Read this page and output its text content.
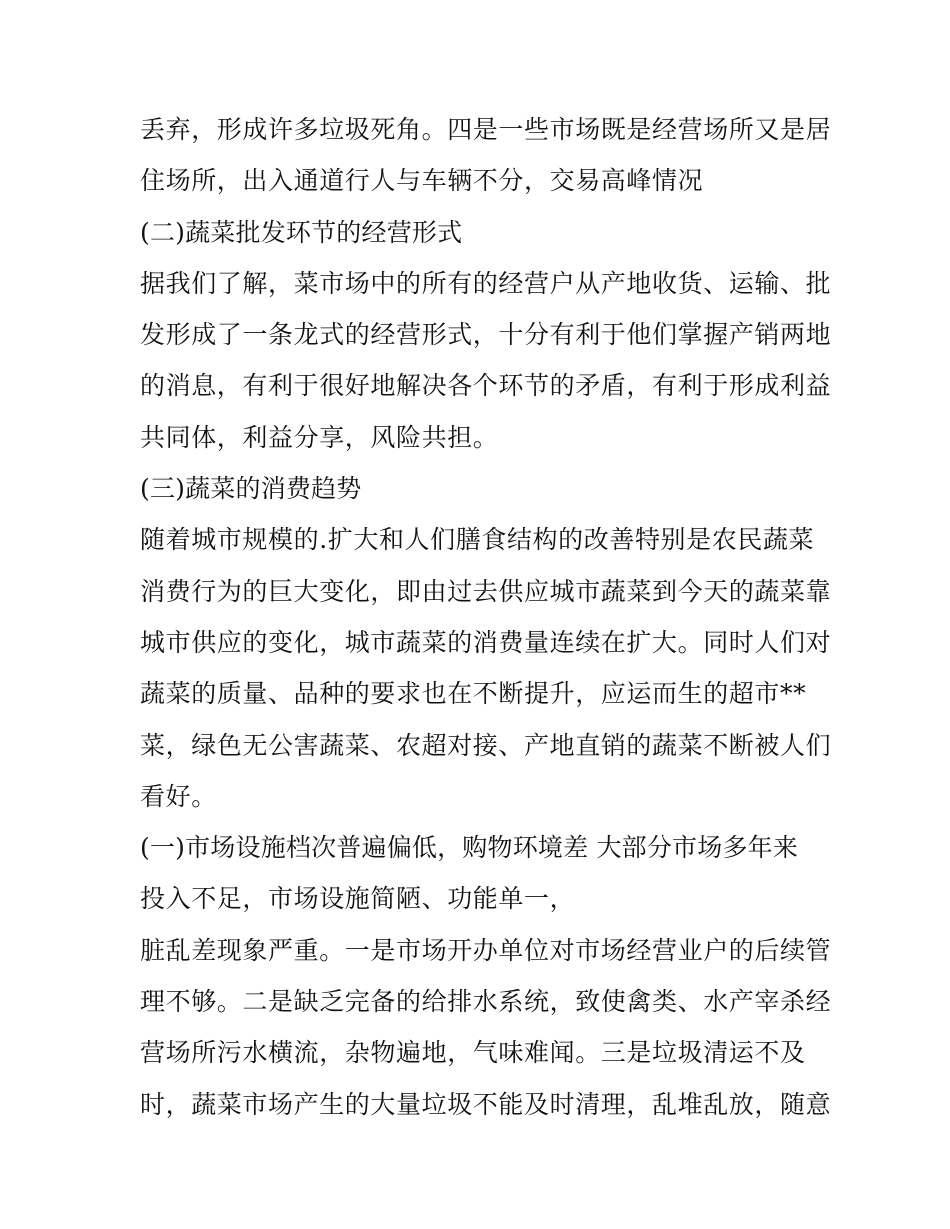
丢弃，形成许多垃圾死角。四是一些市场既是经营场所又是居
住场所，出入通道行人与车辆不分，交易高峰情况
(二)蔬菜批发环节的经营形式
据我们了解，菜市场中的所有的经营户从产地收货、运输、批
发形成了一条龙式的经营形式，十分有利于他们掌握产销两地
的消息，有利于很好地解决各个环节的矛盾，有利于形成利益
共同体，利益分享，风险共担。
(三)蔬菜的消费趋势
随着城市规模的.扩大和人们膳食结构的改善特别是农民蔬菜
消费行为的巨大变化，即由过去供应城市蔬菜到今天的蔬菜靠
城市供应的变化，城市蔬菜的消费量连续在扩大。同时人们对
蔬菜的质量、品种的要求也在不断提升，应运而生的超市**
菜，绿色无公害蔬菜、农超对接、产地直销的蔬菜不断被人们
看好。
(一)市场设施档次普遍偏低，购物环境差 大部分市场多年来
投入不足，市场设施简陋、功能单一，
脏乱差现象严重。一是市场开办单位对市场经营业户的后续管
理不够。二是缺乏完备的给排水系统，致使禽类、水产宰杀经
营场所污水横流，杂物遍地，气味难闻。三是垃圾清运不及
时，蔬菜市场产生的大量垃圾不能及时清理，乱堆乱放，随意
